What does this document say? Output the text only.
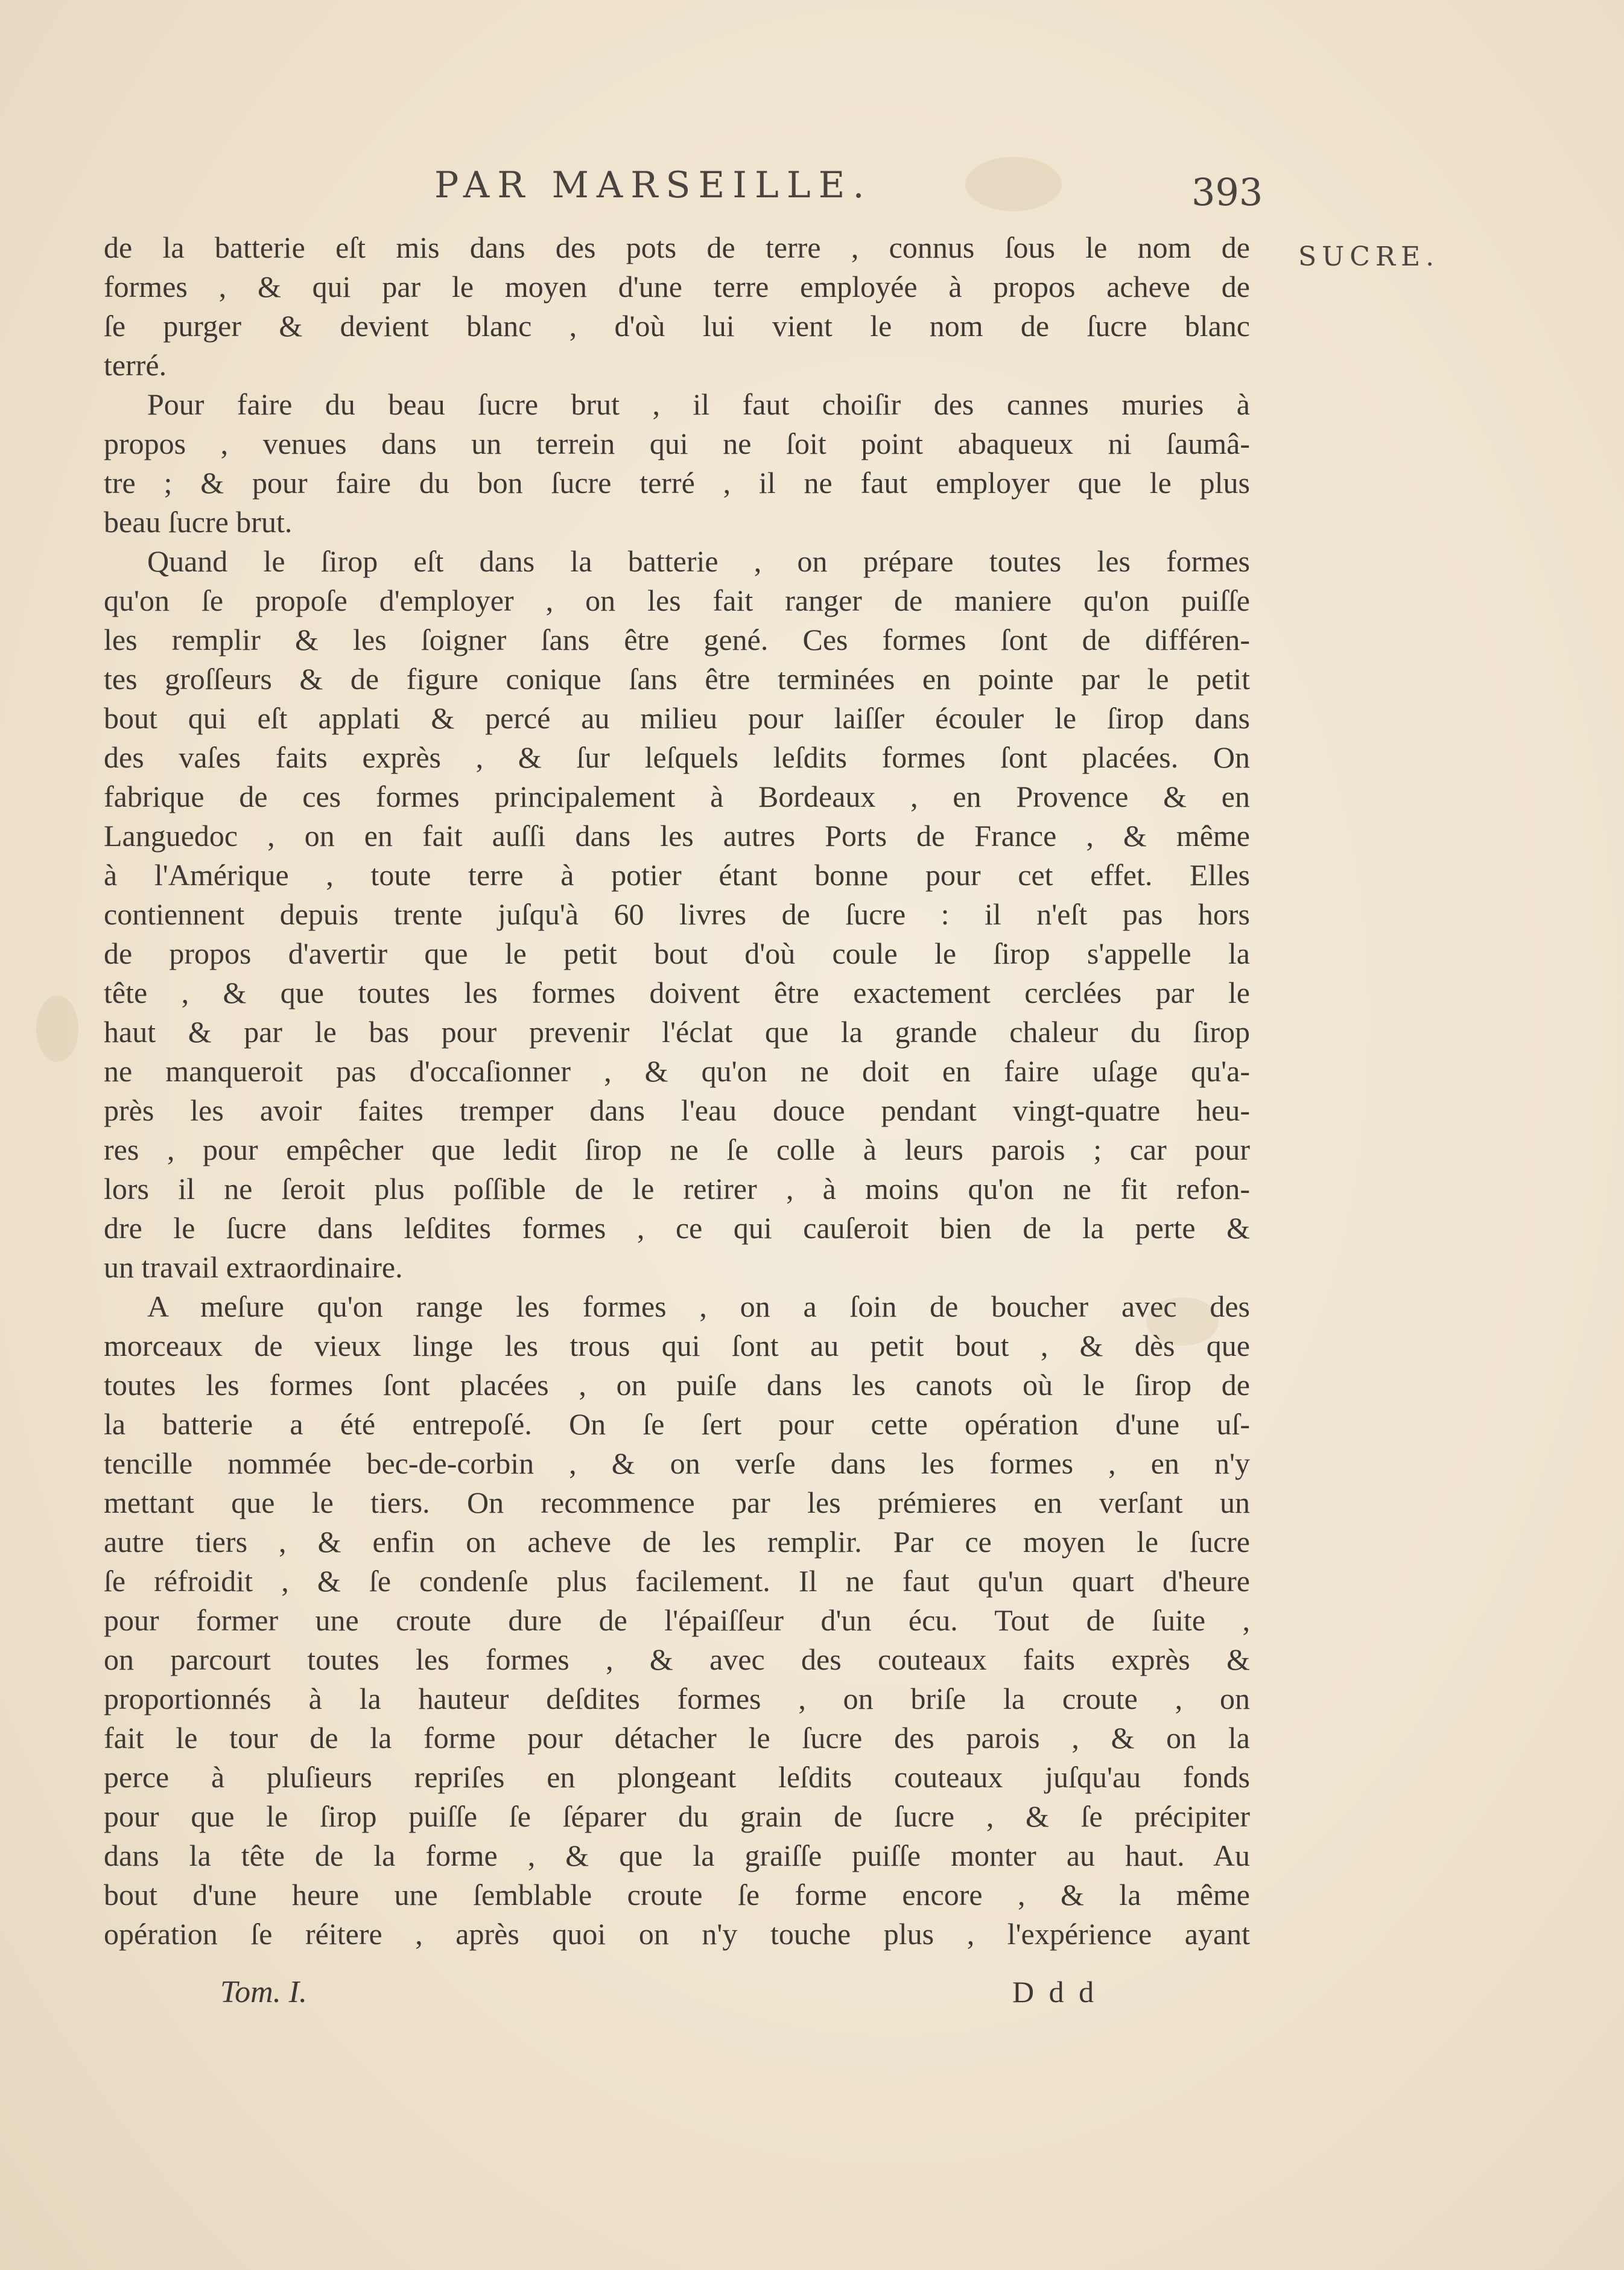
PAR MARSEILLE.	393
SUCRE.
de la batterie eſt mis dans des pots de terre , connus ſous le nom de
formes , & qui par le moyen d'une terre employée à propos acheve de
ſe purger & devient blanc , d'où lui vient le nom de ſucre blanc
terré.
Pour faire du beau ſucre brut , il faut choiſir des cannes muries à
propos , venues dans un terrein qui ne ſoit point abaqueux ni ſaumâ-
tre ; & pour faire du bon ſucre terré , il ne faut employer que le plus
beau ſucre brut.
Quand le ſirop eſt dans la batterie , on prépare toutes les formes
qu'on ſe propoſe d'employer , on les fait ranger de maniere qu'on puiſſe
les remplir & les ſoigner ſans être gené. Ces formes ſont de différen-
tes groſſeurs & de figure conique ſans être terminées en pointe par le petit
bout qui eſt applati & percé au milieu pour laiſſer écouler le ſirop dans
des vaſes faits exprès , & ſur leſquels leſdits formes ſont placées. On
fabrique de ces formes principalement à Bordeaux , en Provence & en
Languedoc , on en fait auſſi dans les autres Ports de France , & même
à l'Amérique , toute terre à potier étant bonne pour cet effet. Elles
contiennent depuis trente juſqu'à 60 livres de ſucre : il n'eſt pas hors
de propos d'avertir que le petit bout d'où coule le ſirop s'appelle la
tête , & que toutes les formes doivent être exactement cerclées par le
haut & par le bas pour prevenir l'éclat que la grande chaleur du ſirop
ne manqueroit pas d'occaſionner , & qu'on ne doit en faire uſage qu'a-
près les avoir faites tremper dans l'eau douce pendant vingt-quatre heu-
res , pour empêcher que ledit ſirop ne ſe colle à leurs parois ; car pour
lors il ne ſeroit plus poſſible de le retirer , à moins qu'on ne fit refon-
dre le ſucre dans leſdites formes , ce qui cauſeroit bien de la perte &
un travail extraordinaire.
A meſure qu'on range les formes , on a ſoin de boucher avec des
morceaux de vieux linge les trous qui ſont au petit bout , & dès que
toutes les formes ſont placées , on puiſe dans les canots où le ſirop de
la batterie a été entrepoſé. On ſe ſert pour cette opération d'une uſ-
tencille nommée bec-de-corbin , & on verſe dans les formes , en n'y
mettant que le tiers. On recommence par les prémieres en verſant un
autre tiers , & enfin on acheve de les remplir. Par ce moyen le ſucre
ſe réfroidit , & ſe condenſe plus facilement. Il ne faut qu'un quart d'heure
pour former une croute dure de l'épaiſſeur d'un écu. Tout de ſuite ,
on parcourt toutes les formes , & avec des couteaux faits exprès &
proportionnés à la hauteur deſdites formes , on briſe la croute , on
fait le tour de la forme pour détacher le ſucre des parois , & on la
perce à pluſieurs repriſes en plongeant leſdits couteaux juſqu'au fonds
pour que le ſirop puiſſe ſe ſéparer du grain de ſucre , & ſe précipiter
dans la tête de la forme , & que la graiſſe puiſſe monter au haut. Au
bout d'une heure une ſemblable croute ſe forme encore , & la même
opération ſe réitere , après quoi on n'y touche plus , l'expérience ayant
Tom. I.	D d d
